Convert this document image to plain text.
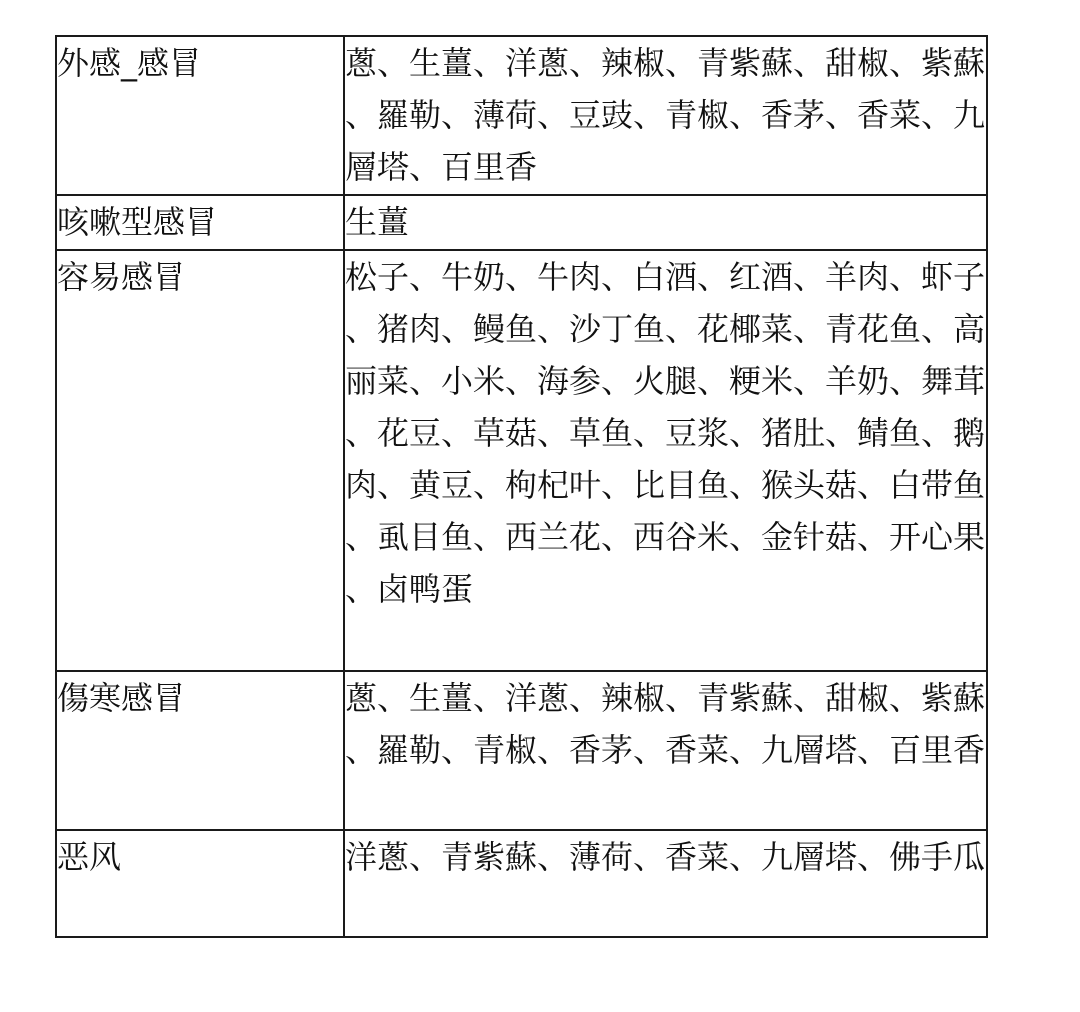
外感_感冒	蔥、生薑、洋蔥、辣椒、青紫蘇、甜椒、紫蘇、羅勒、薄荷、豆豉、青椒、香茅、香菜、九層塔、百里香
咳嗽型感冒	生薑
容易感冒	松子、牛奶、牛肉、白酒、红酒、羊肉、虾子、猪肉、鳗鱼、沙丁鱼、花椰菜、青花鱼、高丽菜、小米、海参、火腿、粳米、羊奶、舞茸、花豆、草菇、草鱼、豆浆、猪肚、鲭鱼、鹅肉、黄豆、枸杞叶、比目鱼、猴头菇、白带鱼、虱目鱼、西兰花、西谷米、金针菇、开心果、卤鸭蛋
傷寒感冒	蔥、生薑、洋蔥、辣椒、青紫蘇、甜椒、紫蘇、羅勒、青椒、香茅、香菜、九層塔、百里香
恶风	洋蔥、青紫蘇、薄荷、香菜、九層塔、佛手瓜
